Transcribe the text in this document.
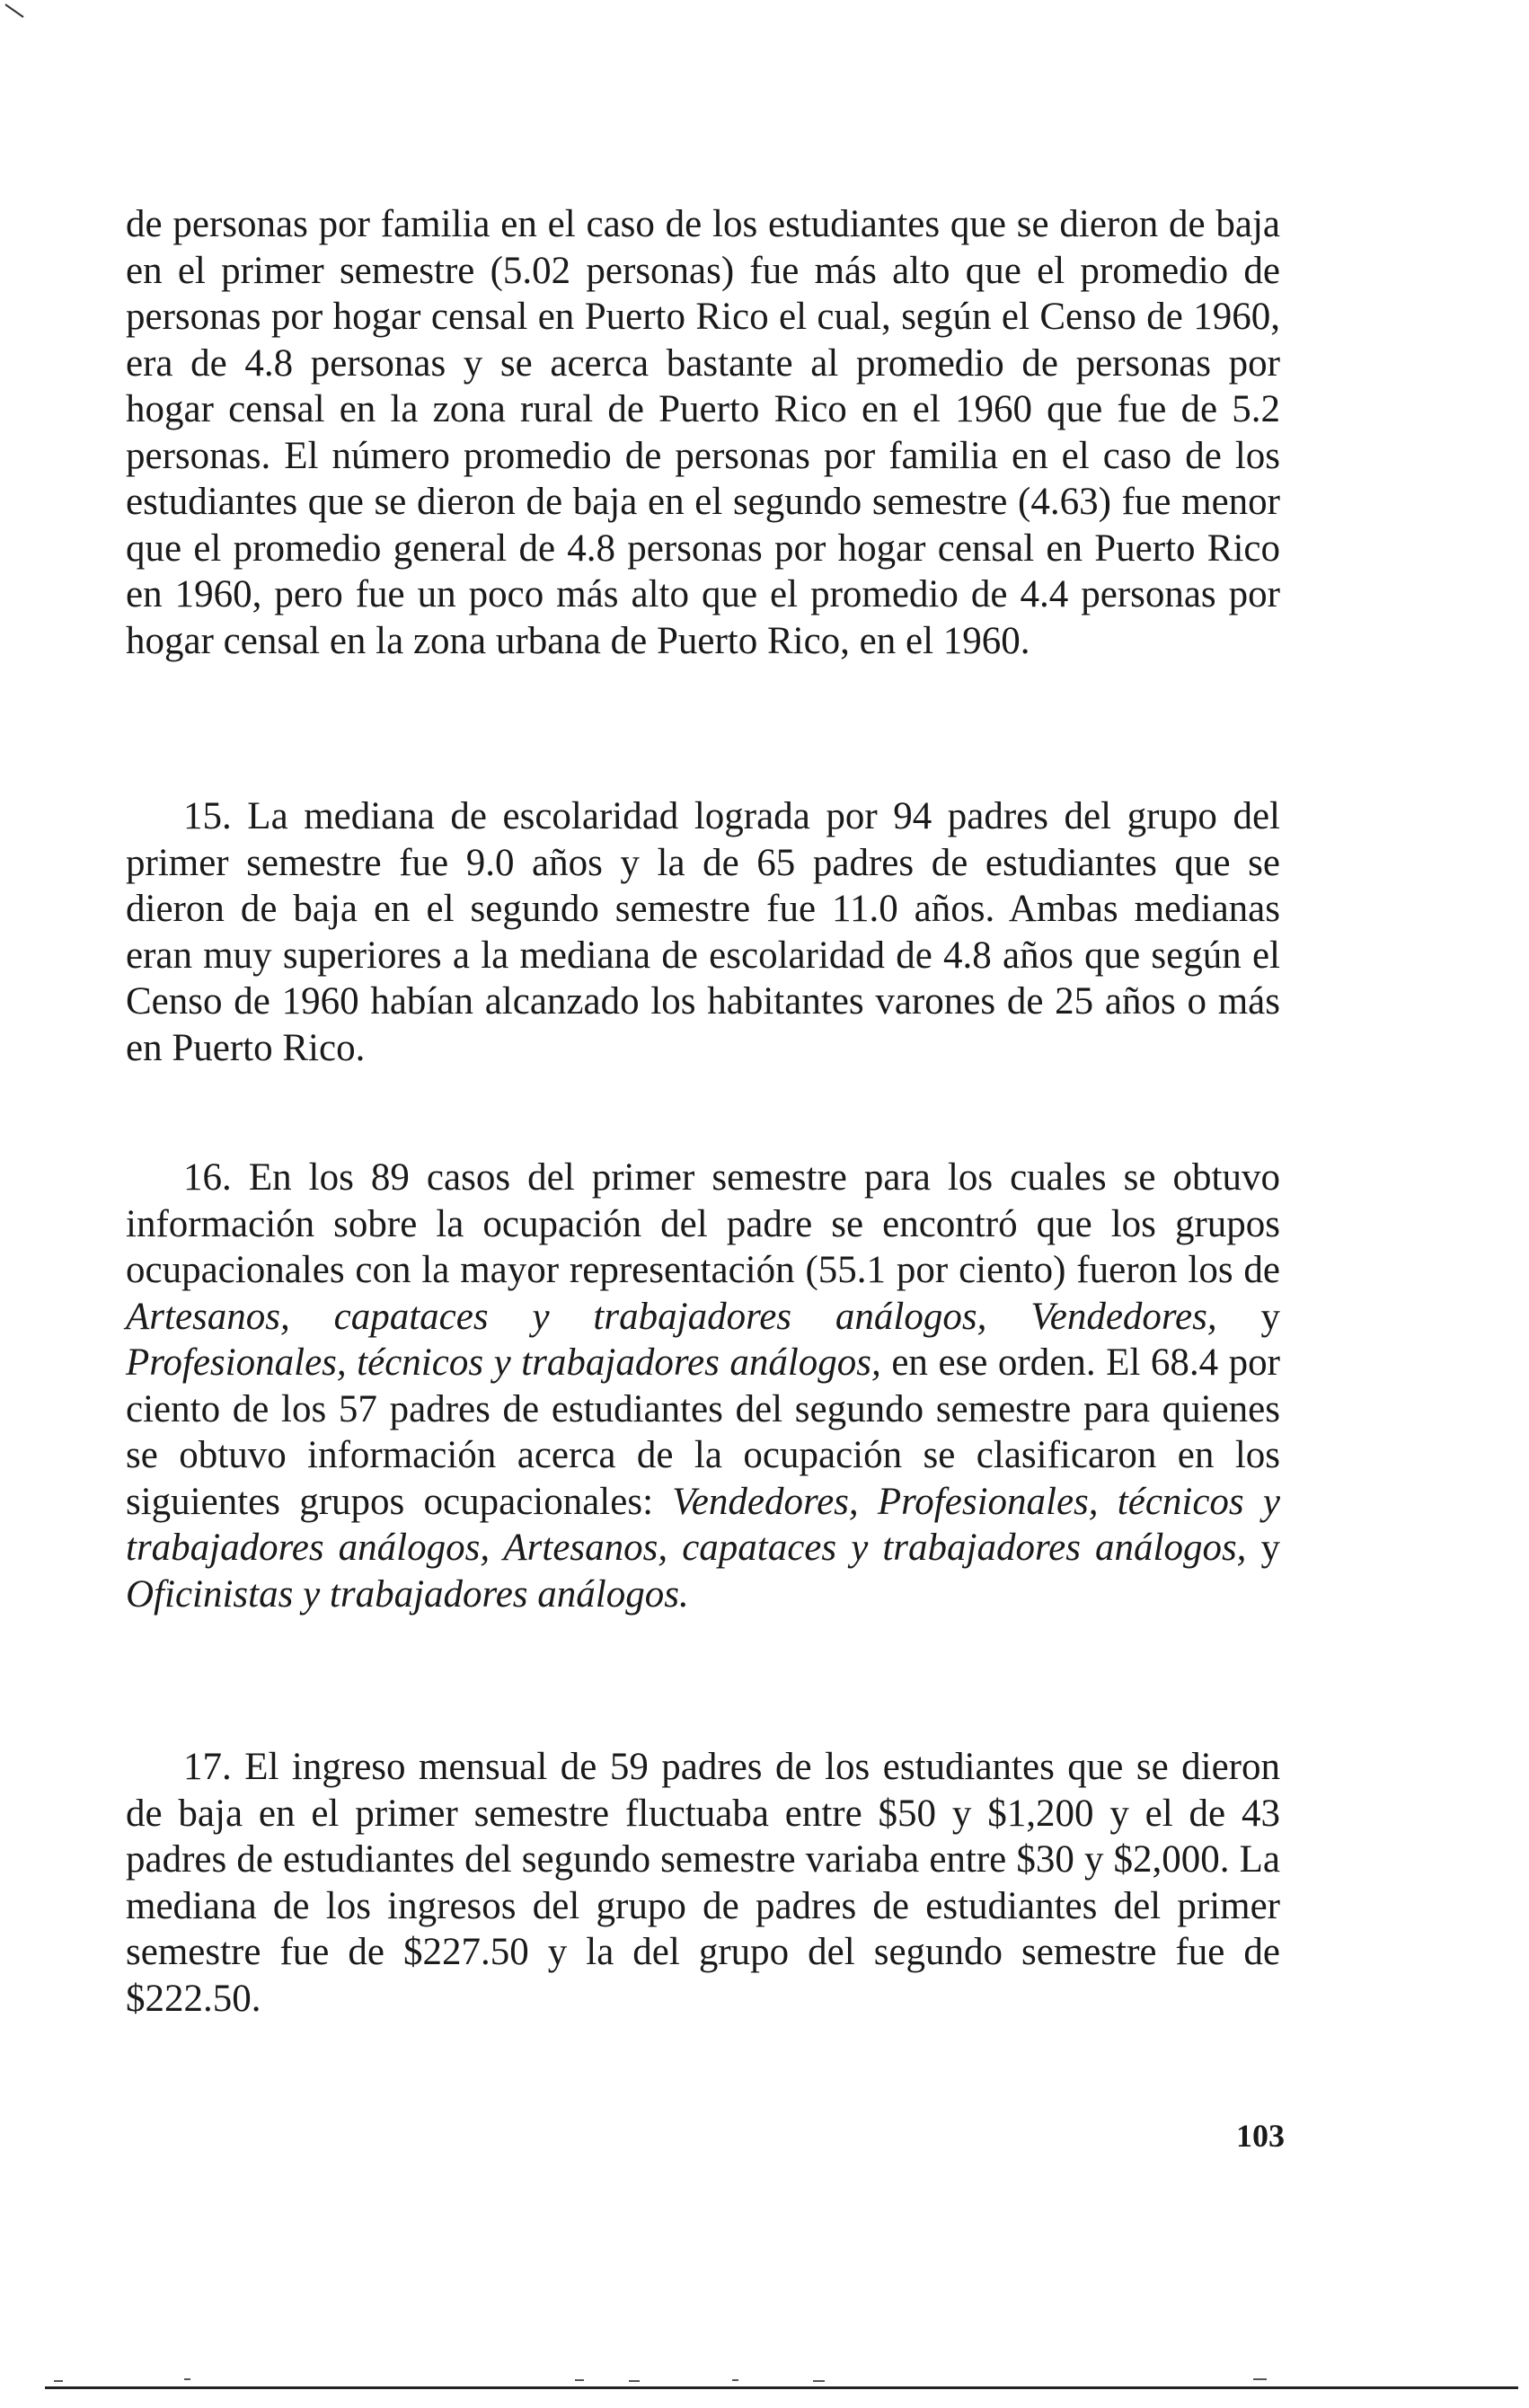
de personas por familia en el caso de los estudiantes que se dieron de baja en el primer semestre (5.02 personas) fue más alto que el promedio de personas por hogar censal en Puerto Rico el cual, según el Censo de 1960, era de 4.8 personas y se acerca bastante al promedio de personas por hogar censal en la zona rural de Puerto Rico en el 1960 que fue de 5.2 personas. El número promedio de personas por familia en el caso de los estudiantes que se dieron de baja en el segundo semestre (4.63) fue menor que el promedio general de 4.8 personas por hogar censal en Puerto Rico en 1960, pero fue un poco más alto que el promedio de 4.4 personas por hogar censal en la zona urbana de Puerto Rico, en el 1960.

15. La mediana de escolaridad lograda por 94 padres del grupo del primer semestre fue 9.0 años y la de 65 padres de estudiantes que se dieron de baja en el segundo semestre fue 11.0 años. Ambas medianas eran muy superiores a la mediana de escolaridad de 4.8 años que según el Censo de 1960 habían alcanzado los habitantes varones de 25 años o más en Puerto Rico.

16. En los 89 casos del primer semestre para los cuales se obtuvo información sobre la ocupación del padre se encontró que los grupos ocupacionales con la mayor representación (55.1 por ciento) fueron los de Artesanos, capataces y trabajadores análogos, Vendedores, y Profesionales, técnicos y trabajadores análogos, en ese orden. El 68.4 por ciento de los 57 padres de estudiantes del segundo semestre para quienes se obtuvo información acerca de la ocupación se clasificaron en los siguientes grupos ocupacionales: Vendedores, Profesionales, técnicos y trabajadores análogos, Artesanos, capataces y trabajadores análogos, y Oficinistas y trabajadores análogos.

17. El ingreso mensual de 59 padres de los estudiantes que se dieron de baja en el primer semestre fluctuaba entre $50 y $1,200 y el de 43 padres de estudiantes del segundo semestre variaba entre $30 y $2,000. La mediana de los ingresos del grupo de padres de estudiantes del primer semestre fue de $227.50 y la del grupo del segundo semestre fue de $222.50.

103
